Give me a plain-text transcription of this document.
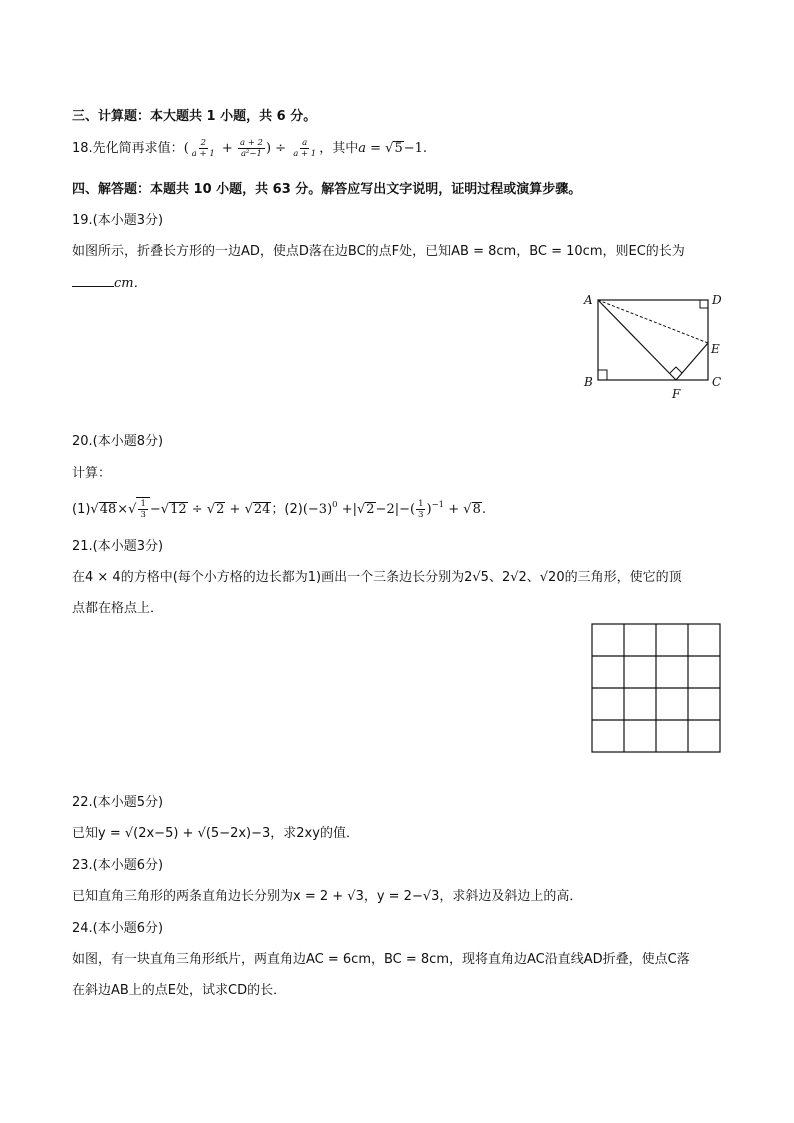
三、计算题：本大题共 1 小题，共 6 分。
18.先化简再求值：( $\frac{2}{a + 1} + \frac{a + 2}{\text{a²−1}}$ ) ÷ $\frac{a}{a + 1}$ ，其中a = √5−1.
四、解答题：本题共 10 小题，共 63 分。解答应写出文字说明，证明过程或演算步骤。
19.(本小题3分)
如图所示，折叠长方形的一边AD，使点D落在边BC的点F处，已知AB = 8cm，BC = 10cm，则EC的长为
cm．
A	D
E
B	C
F
20.(本小题8分)
计算：
$(1)√48\times√ \frac{1}{3} -√12 \div √2 + √24$；$(2)(-3)^0 +|√2-2|-( \frac{1}{3} )^{-1} + √8$.
21.(本小题3分)
在4 × 4的方格中(每个小方格的边长都为1)画出一个三条边长分别为2√5、2√2、√20的三角形，使它的顶
点都在格点上．
22.(本小题5分)
已知y = √(2x−5) + √(5−2x)−3，求2xy的值．
23.(本小题6分)
已知直角三角形的两条直角边长分别为x = 2 + √3，y = 2−√3，求斜边及斜边上的高．
24.(本小题6分)
如图，有一块直角三角形纸片，两直角边AC = 6cm，BC = 8cm，现将直角边AC沿直线AD折叠，使点C落
在斜边AB上的点E处，试求CD的长．
